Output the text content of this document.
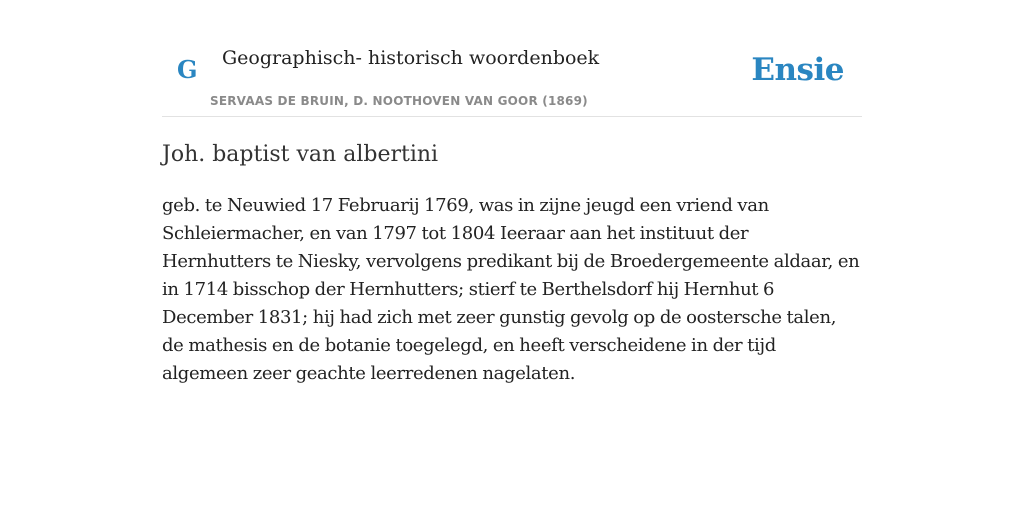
G Geographisch- historisch woordenboek
SERVAAS DE BRUIN, D. NOOTHOVEN VAN GOOR (1869)
Ensie
Joh. baptist van albertini

geb. te Neuwied 17 Februarij 1769, was in zijne jeugd een vriend van Schleiermacher, en van 1797 tot 1804 Ieeraar aan het instituut der Hernhutters te Niesky, vervolgens predikant bij de Broedergemeente aldaar, en in 1714 bisschop der Hernhutters; stierf te Berthelsdorf hij Hernhut 6 December 1831; hij had zich met zeer gunstig gevolg op de oostersche talen, de mathesis en de botanie toegelegd, en heeft verscheidene in der tijd algemeen zeer geachte leerredenen nagelaten.
